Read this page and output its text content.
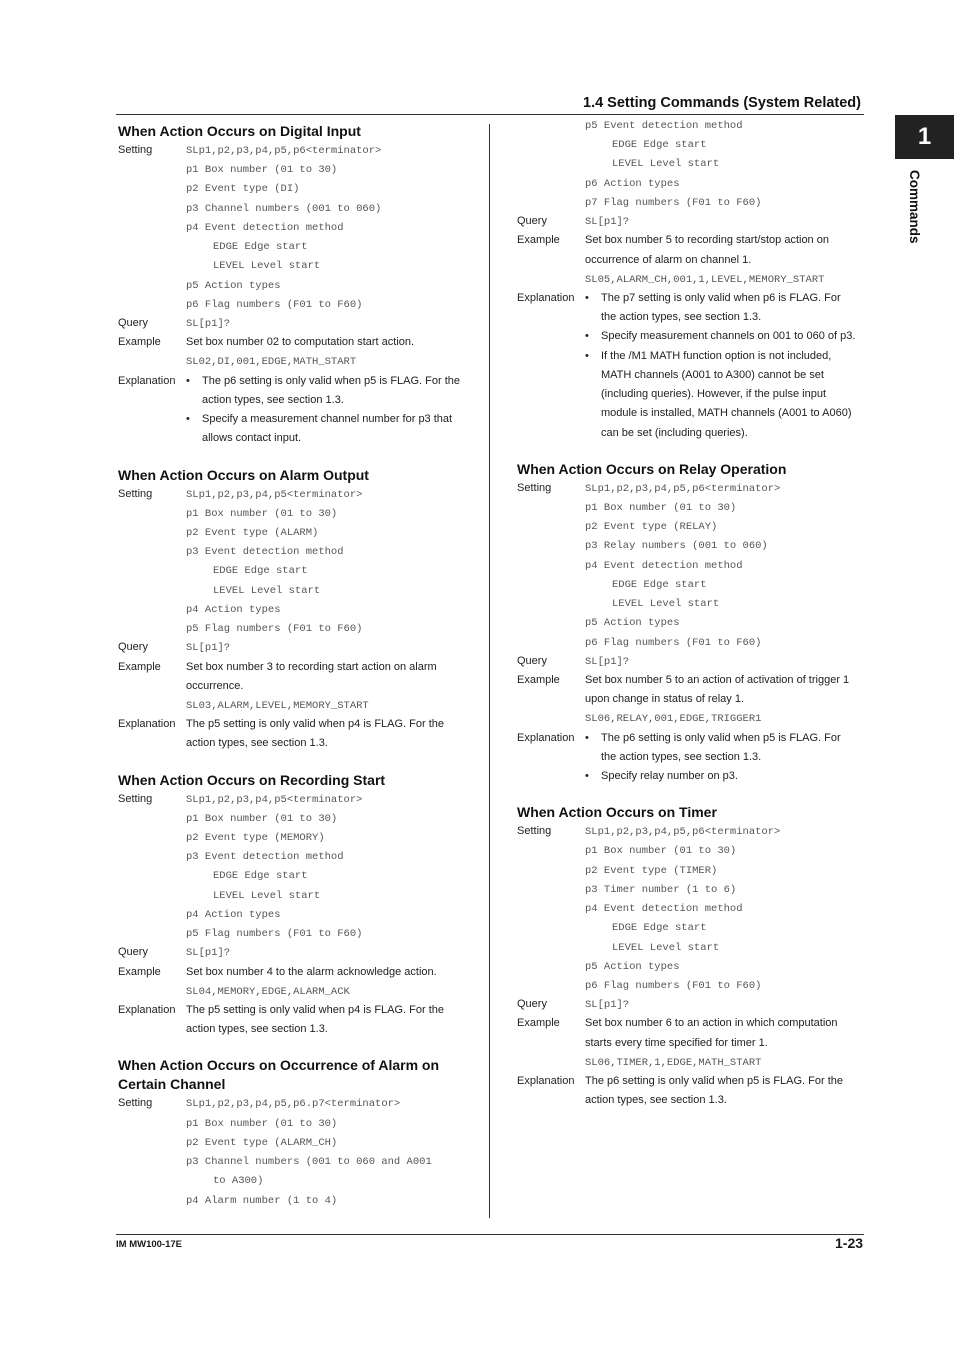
1.4 Setting Commands (System Related)
1
Commands
When Action Occurs on Digital Input
Setting	SLp1,p2,p3,p4,p5,p6<terminator>
p1 Box number (01 to 30)
p2 Event type (DI)
p3 Channel numbers (001 to 060)
p4 Event detection method
EDGE Edge start
LEVEL Level start
p5 Action types
p6 Flag numbers (F01 to F60)
Query	SL[p1]?
Example Set box number 02 to computation start action.
SL02,DI,001,EDGE,MATH_START
Explanation • The p6 setting is only valid when p5 is FLAG. For the
action types, see section 1.3.
• Specify a measurement channel number for p3 that
allows contact input.
When Action Occurs on Alarm Output
Setting	SLp1,p2,p3,p4,p5<terminator>
p1 Box number (01 to 30)
p2 Event type (ALARM)
p3 Event detection method
EDGE Edge start
LEVEL Level start
p4 Action types
p5 Flag numbers (F01 to F60)
Query	SL[p1]?
Example Set box number 3 to recording start action on alarm
occurrence.
SL03,ALARM,LEVEL,MEMORY_START
Explanation The p5 setting is only valid when p4 is FLAG. For the
action types, see section 1.3.
When Action Occurs on Recording Start
Setting	SLp1,p2,p3,p4,p5<terminator>
p1 Box number (01 to 30)
p2 Event type (MEMORY)
p3 Event detection method
EDGE Edge start
LEVEL Level start
p4 Action types
p5 Flag numbers (F01 to F60)
Query	SL[p1]?
Example Set box number 4 to the alarm acknowledge action.
SL04,MEMORY,EDGE,ALARM_ACK
Explanation The p5 setting is only valid when p4 is FLAG. For the
action types, see section 1.3.
When Action Occurs on Occurrence of Alarm on
Certain Channel
Setting	SLp1,p2,p3,p4,p5,p6.p7<terminator>
p1 Box number (01 to 30)
p2 Event type (ALARM_CH)
p3 Channel numbers (001 to 060 and A001
to A300)
p4 Alarm number (1 to 4)
p5 Event detection method
EDGE Edge start
LEVEL Level start
p6 Action types
p7 Flag numbers (F01 to F60)
Query	SL[p1]?
Example Set box number 5 to recording start/stop action on
occurrence of alarm on channel 1.
SL05,ALARM_CH,001,1,LEVEL,MEMORY_START
Explanation • The p7 setting is only valid when p6 is FLAG. For
the action types, see section 1.3.
• Specify measurement channels on 001 to 060 of p3.
• If the /M1 MATH function option is not included,
MATH channels (A001 to A300) cannot be set
(including queries). However, if the pulse input
module is installed, MATH channels (A001 to A060)
can be set (including queries).
When Action Occurs on Relay Operation
Setting	SLp1,p2,p3,p4,p5,p6<terminator>
p1 Box number (01 to 30)
p2 Event type (RELAY)
p3 Relay numbers (001 to 060)
p4 Event detection method
EDGE Edge start
LEVEL Level start
p5 Action types
p6 Flag numbers (F01 to F60)
Query	SL[p1]?
Example Set box number 5 to an action of activation of trigger 1
upon change in status of relay 1.
SL06,RELAY,001,EDGE,TRIGGER1
Explanation • The p6 setting is only valid when p5 is FLAG. For
the action types, see section 1.3.
• Specify relay number on p3.
When Action Occurs on Timer
Setting	SLp1,p2,p3,p4,p5,p6<terminator>
p1 Box number (01 to 30)
p2 Event type (TIMER)
p3 Timer number (1 to 6)
p4 Event detection method
EDGE Edge start
LEVEL Level start
p5 Action types
p6 Flag numbers (F01 to F60)
Query	SL[p1]?
Example Set box number 6 to an action in which computation
starts every time specified for timer 1.
SL06,TIMER,1,EDGE,MATH_START
Explanation The p6 setting is only valid when p5 is FLAG. For the
action types, see section 1.3.
IM MW100-17E	1-23
